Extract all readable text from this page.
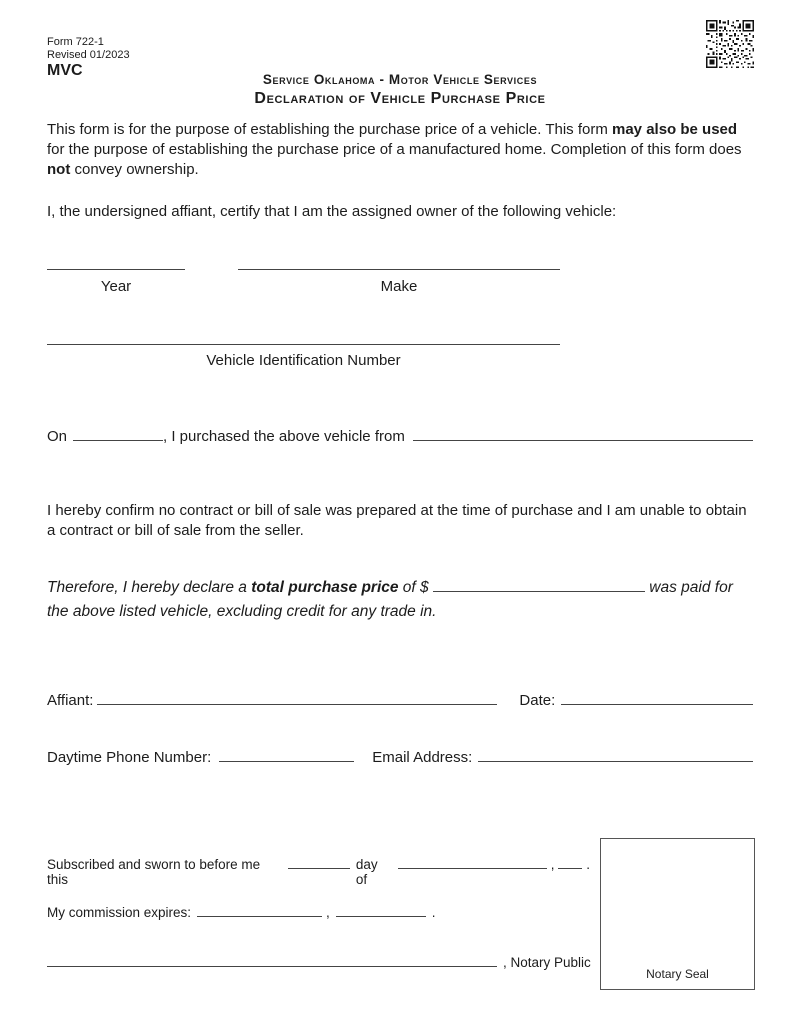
Form 722-1
Revised 01/2023
MVC
Service Oklahoma - Motor Vehicle Services
Declaration of Vehicle Purchase Price

This form is for the purpose of establishing the purchase price of a vehicle. This form may also be used for the purpose of establishing the purchase price of a manufactured home. Completion of this form does not convey ownership.

I, the undersigned affiant, certify that I am the assigned owner of the following vehicle:

Year	Make
Vehicle Identification Number
On	, I purchased the above vehicle from

I hereby confirm no contract or bill of sale was prepared at the time of purchase and I am unable to obtain a contract or bill of sale from the seller.

Therefore, I hereby declare a total purchase price of $	was paid for the above listed vehicle, excluding credit for any trade in.

Affiant:	Date:
Daytime Phone Number:	Email Address:
Subscribed and sworn to before me this
day of
, .
My commission expires:	,	.
, Notary Public
Notary Seal
